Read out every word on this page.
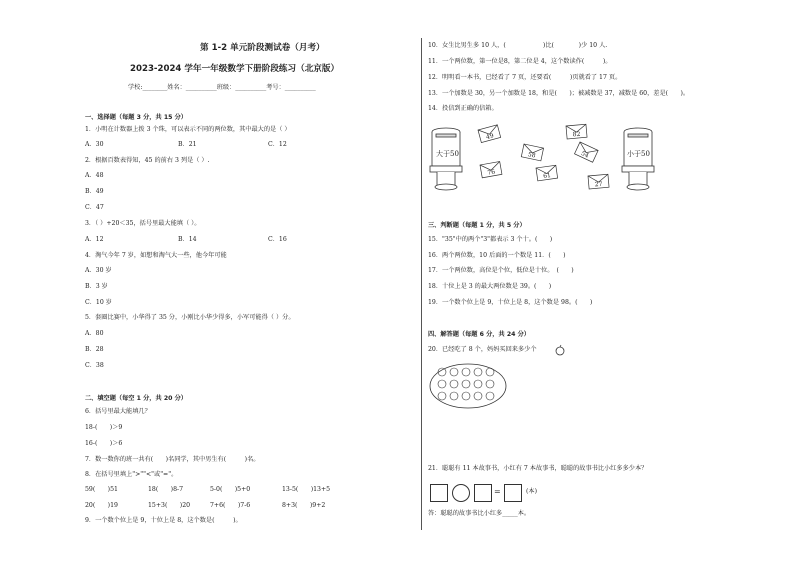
第 1-2 单元阶段测试卷（月考）
2023-2024 学年一年级数学下册阶段练习（北京版）
学校:________姓名：__________班级：__________考号：__________
一、选择题（每题 3 分，共 15 分）
1．小明在计数器上拨 3 个珠，可以表示不同的两位数，其中最大的是（ ）
A．30	B．21	C．12
2．根据百数表得知，45 的前右 3 列是（ ）.
A．48
B．49
C．47
3．（ ）+20＜35，括号里最大能填（ ）。
A．12	B．14	C．16
4．淘气今年 7 岁，如想和淘气大一些，他今年可能
A．30 岁
B．3 岁
C．10 岁
5．套圈比赛中，小华得了 35 分，小刚比小华少得多，小军可能得（ ）分。
A．80
B．28
C．38
二、填空题（每空 1 分，共 20 分）
6．括号里最大能填几？
18-(　　)＞9
16-(　　)＞6
7．数一数你的班一共有(　　)名同学，其中男生有(　　　)名。
8．在括号里填上">""<"或"="。
59(　　)51	18(　　)8-7	5-0(　　)5+0	13-5(　　)13+5
20(　　)19	15+3(　　)20	7+6(　　)7-6	8+3(　　)9+2
9．一个数个位上是 9，十位上是 8，这个数是(　　　)。
10．女生比男生多 10 人，(　　　　　　)比(　　　　)少 10 人.
11．一个两位数，第一位是8，第二位是 4，这个数读作(　　　)。
12．明明看一本书，已经看了 7 页，还要看(　　　)页就看了 17 页。
13．一个加数是 30，另一个加数是 18，和是(　　)；被减数是 37，减数是 60，差是(　　)。
14．投信到正确的信箱。
大于50	小于50
49
76
58
82
61
54
27
三、判断题（每题 1 分，共 5 分）
15．"35"中的两个"3"都表示 3 个十。(　　)
16．两个两位数，10 后面的一个数是 11．(　　)
17．一个两位数，高位是个位，低位是十位。　(　　)
18．十位上是 3 的最大两位数是 39。(　　)
19．一个数个位上是 9，十位上是 8，这个数是 98。(　　)
四、解答题（每题 6 分，共 24 分）
20．已经吃了 8 个，妈妈买回来多少个
21．聪聪有 11 本故事书，小红有 7 本故事书，聪聪的故事书比小红多多少本？
=	(本)
答：聪聪的故事书比小红多_____本。
